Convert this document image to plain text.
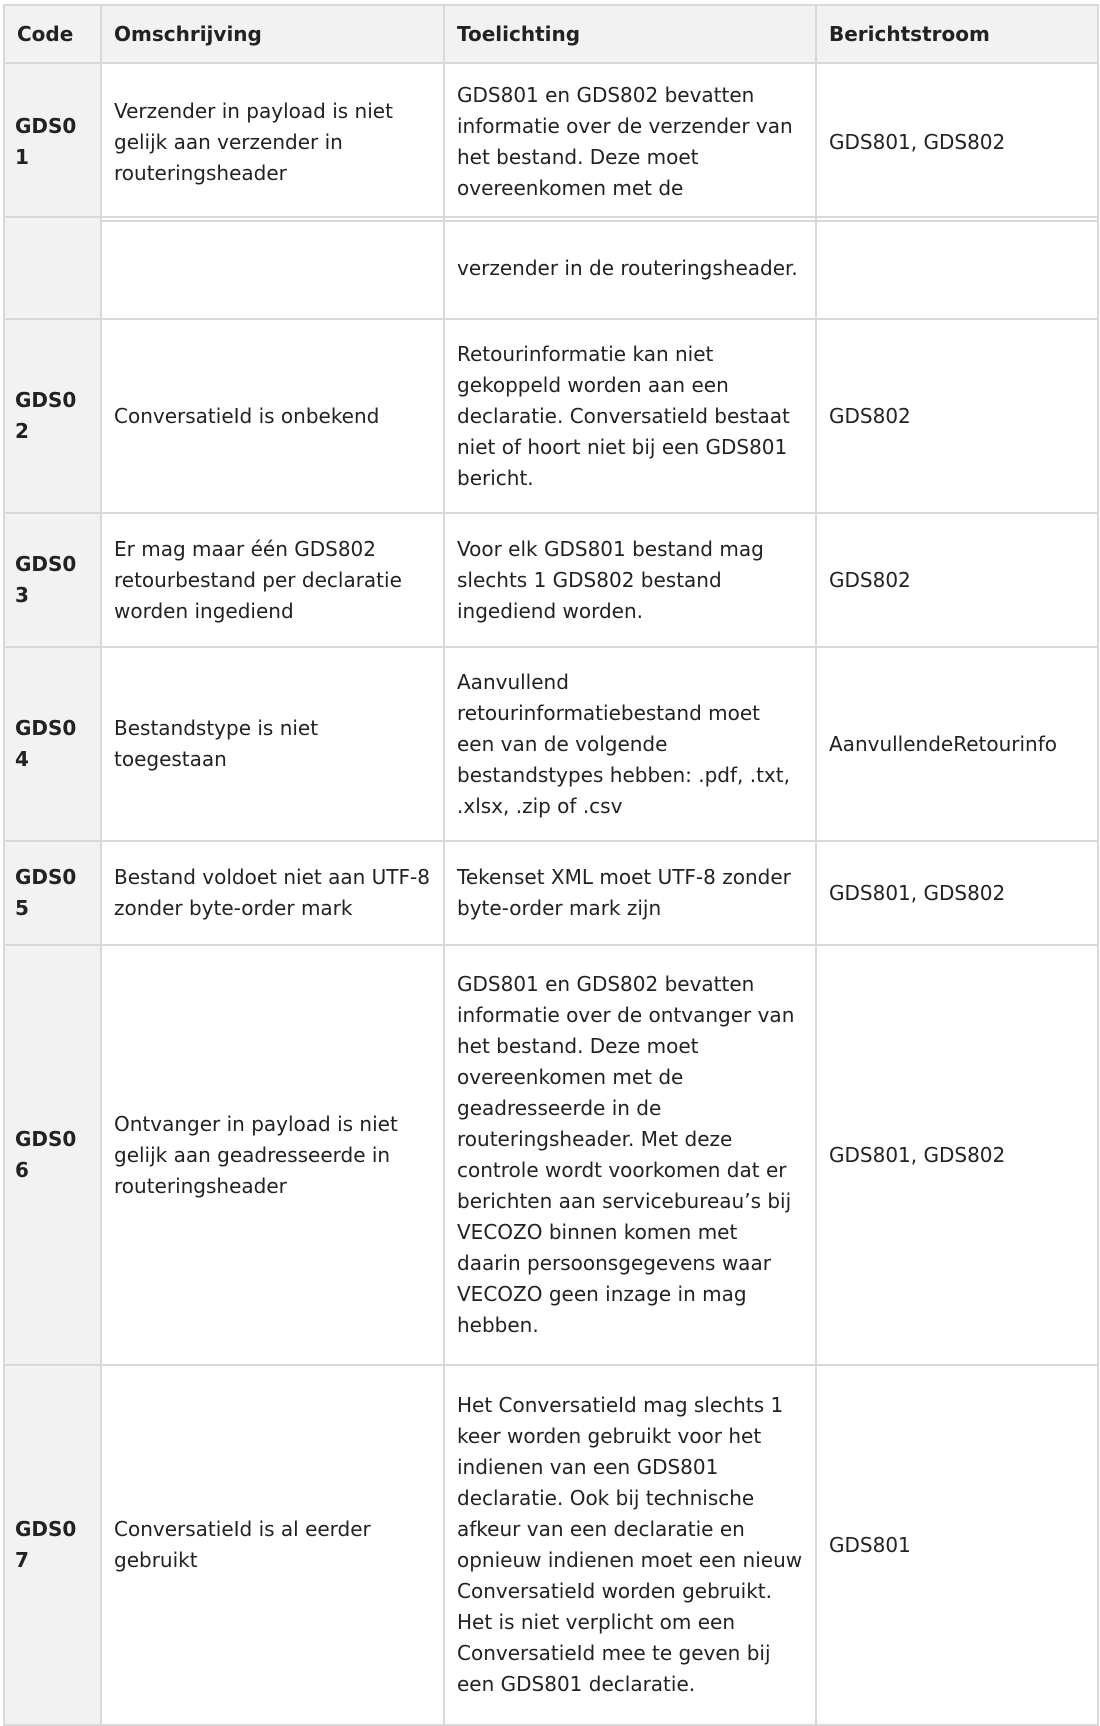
Code	Omschrijving	Toelichting	Berichtstroom
GDS01	Verzender in payload is niet gelijk aan verzender in routeringsheader	GDS801 en GDS802 bevatten informatie over de verzender van het bestand. Deze moet overeenkomen met de	GDS801, GDS802
		verzender in de routeringsheader.	
GDS02	ConversatieId is onbekend	Retourinformatie kan niet gekoppeld worden aan een declaratie. ConversatieId bestaat niet of hoort niet bij een GDS801 bericht.	GDS802
GDS03	Er mag maar één GDS802 retourbestand per declaratie worden ingediend	Voor elk GDS801 bestand mag slechts 1 GDS802 bestand ingediend worden.	GDS802
GDS04	Bestandstype is niet toegestaan	Aanvullend retourinformatiebestand moet een van de volgende bestandstypes hebben: .pdf, .txt, .xlsx, .zip of .csv	AanvullendeRetourinfo
GDS05	Bestand voldoet niet aan UTF-8 zonder byte-order mark	Tekenset XML moet UTF-8 zonder byte-order mark zijn	GDS801, GDS802
GDS06	Ontvanger in payload is niet gelijk aan geadresseerde in routeringsheader	GDS801 en GDS802 bevatten informatie over de ontvanger van het bestand. Deze moet overeenkomen met de geadresseerde in de routeringsheader. Met deze controle wordt voorkomen dat er berichten aan servicebureau’s bij VECOZO binnen komen met daarin persoonsgegevens waar VECOZO geen inzage in mag hebben.	GDS801, GDS802
GDS07	ConversatieId is al eerder gebruikt	Het ConversatieId mag slechts 1 keer worden gebruikt voor het indienen van een GDS801 declaratie. Ook bij technische afkeur van een declaratie en opnieuw indienen moet een nieuw ConversatieId worden gebruikt. Het is niet verplicht om een ConversatieId mee te geven bij een GDS801 declaratie.	GDS801
